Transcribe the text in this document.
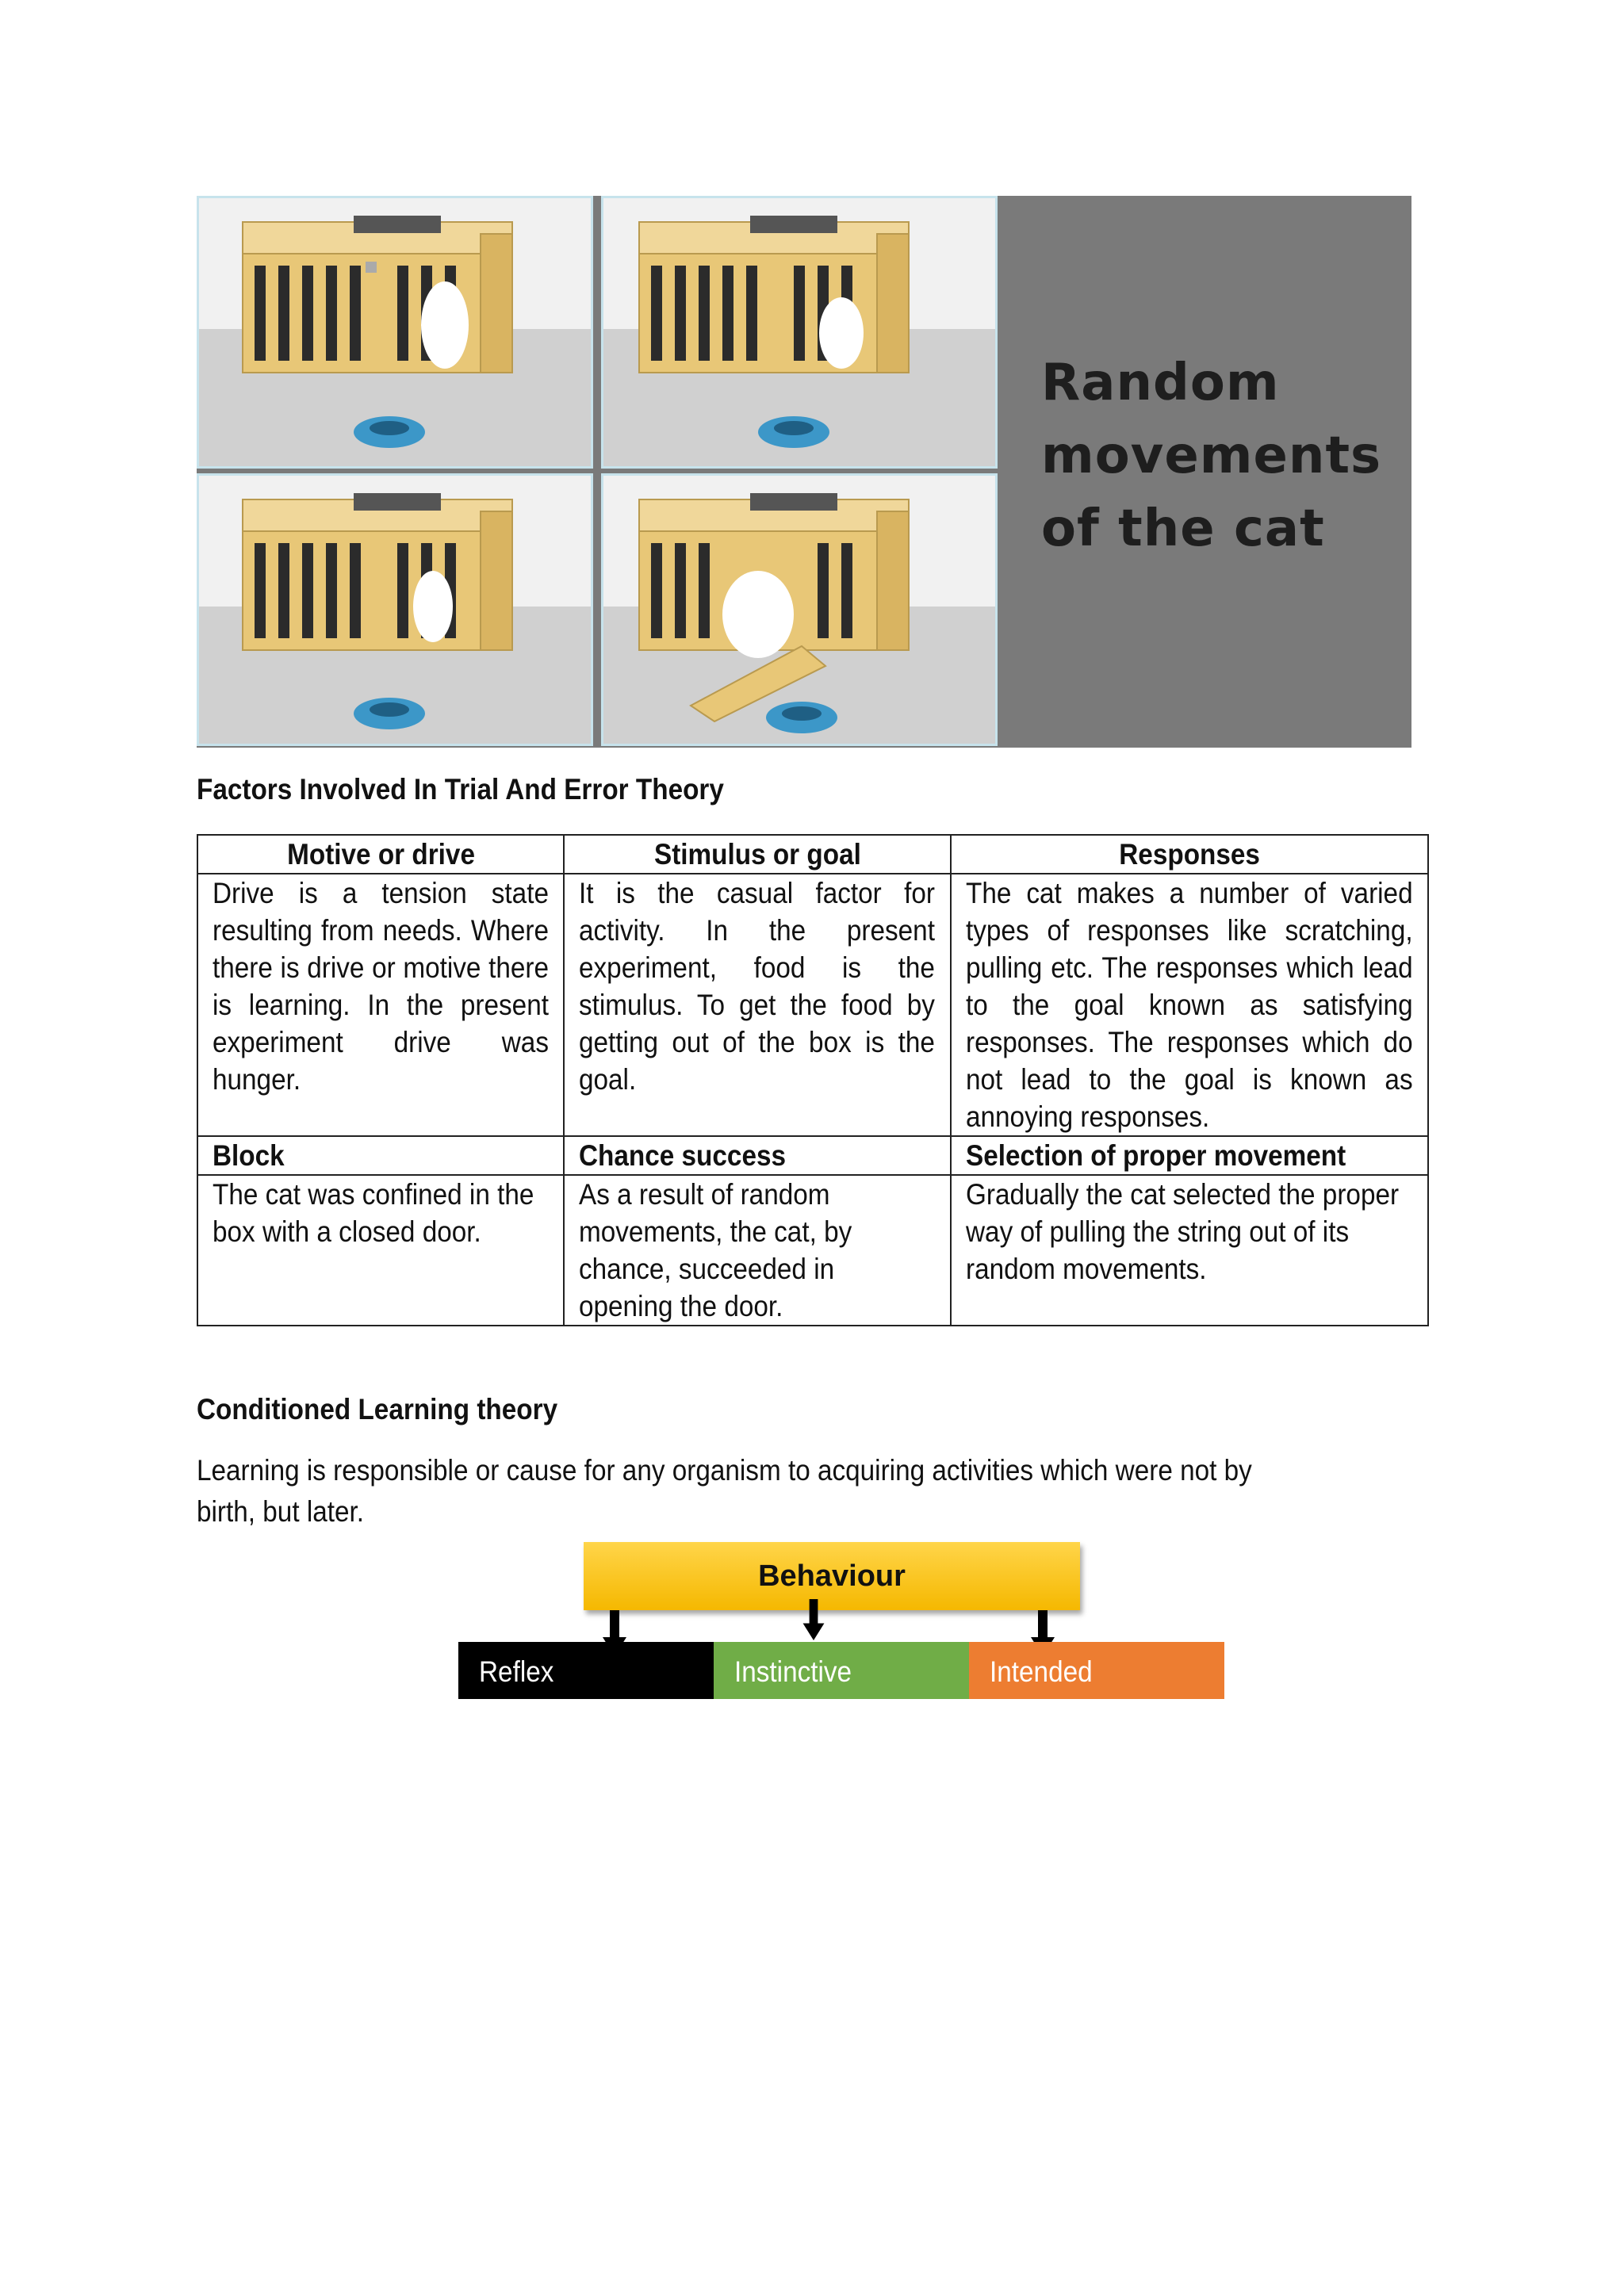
Random
movements
of the cat
Factors Involved In Trial And Error Theory
Motive or drive	Stimulus or goal	Responses

Drive is a tension state resulting from needs. Where there is drive or motive there is learning. In the present experiment drive was hunger.	It is the casual factor for activity. In the present experiment, food is the stimulus. To get the food by getting out of the box is the goal.	The cat makes a number of varied types of responses like scratching, pulling etc. The responses which lead to the goal known as satisfying responses. The responses which do not lead to the goal is known as annoying responses.

Block	Chance success	Selection of proper movement

The cat was confined in the box with a closed door.	As a result of random movements, the cat, by chance, succeeded in opening the door.	Gradually the cat selected the proper way of pulling the string out of its random movements.
Conditioned Learning theory
Learning is responsible or cause for any organism to acquiring activities which were not by birth, but later.
Behaviour
Reflex	Instinctive	Intended
